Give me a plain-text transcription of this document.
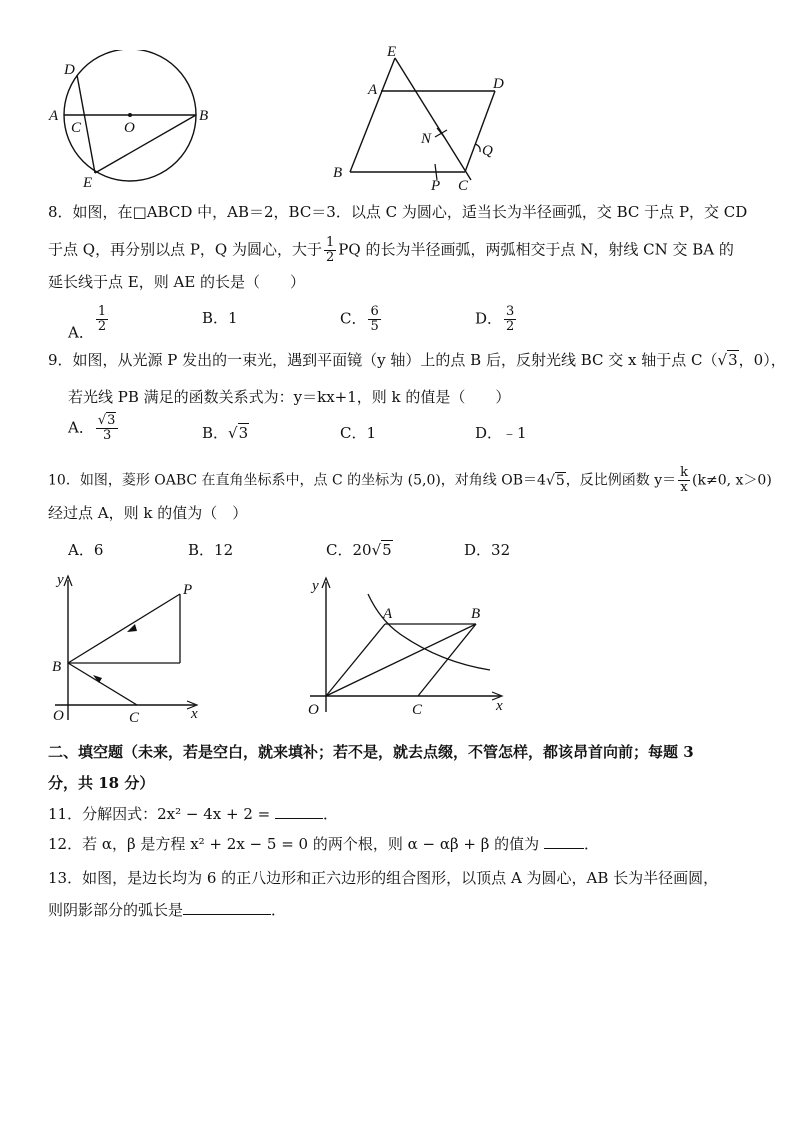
D
A
C	O
B
E
E
A	D
N
Q
B
P C
8．如图，在□ABCD 中，AB＝2，BC＝3．以点 C 为圆心，适当长为半径画弧，交 BC 于点 P，交 CD
于点 Q，再分别以点 P，Q 为圆心，大于 $\frac{1}{2}$ PQ 的长为半径画弧，两弧相交于点 N，射线 CN 交 BA 的
延长线于点 E，则 AE 的长是（　　）
A． $\frac{1}{2}$	B．1	C． $\frac{6}{5}$	D． $\frac{3}{2}$
9．如图，从光源 P 发出的一束光，遇到平面镜（y 轴）上的点 B 后，反射光线 BC 交 x 轴于点 C（√3，0），
若光线 PB 满足的函数关系式为：y＝kx+1，则 k 的值是（　　）
A． $\frac{√3}{3}$	B．√3	C．1	D．﹣1
10．如图，菱形 OABC 在直角坐标系中，点 C 的坐标为 (5,0)，对角线 OB＝4√5，反比例函数 $y= \frac{k}{x} (k\ne 0$, x＞0)
经过点 A，则 k 的值为（　）
A．6	B．12	C．20√5	D．32
y
P
B
O	C	x
y
A	B
O	C	x
二、填空题（未来，若是空白，就来填补；若不是，就去点缀，不管怎样，都该昂首向前；每题 3
分，共 18 分）
11．分解因式：2x² − 4x + 2 =	．
12．若 α，β 是方程 x² + 2x − 5 = 0 的两个根，则 α − αβ + β 的值为	．
13．如图，是边长均为 6 的正八边形和正六边形的组合图形，以顶点 A 为圆心，AB 长为半径画圆，
则阴影部分的弧长是	．
